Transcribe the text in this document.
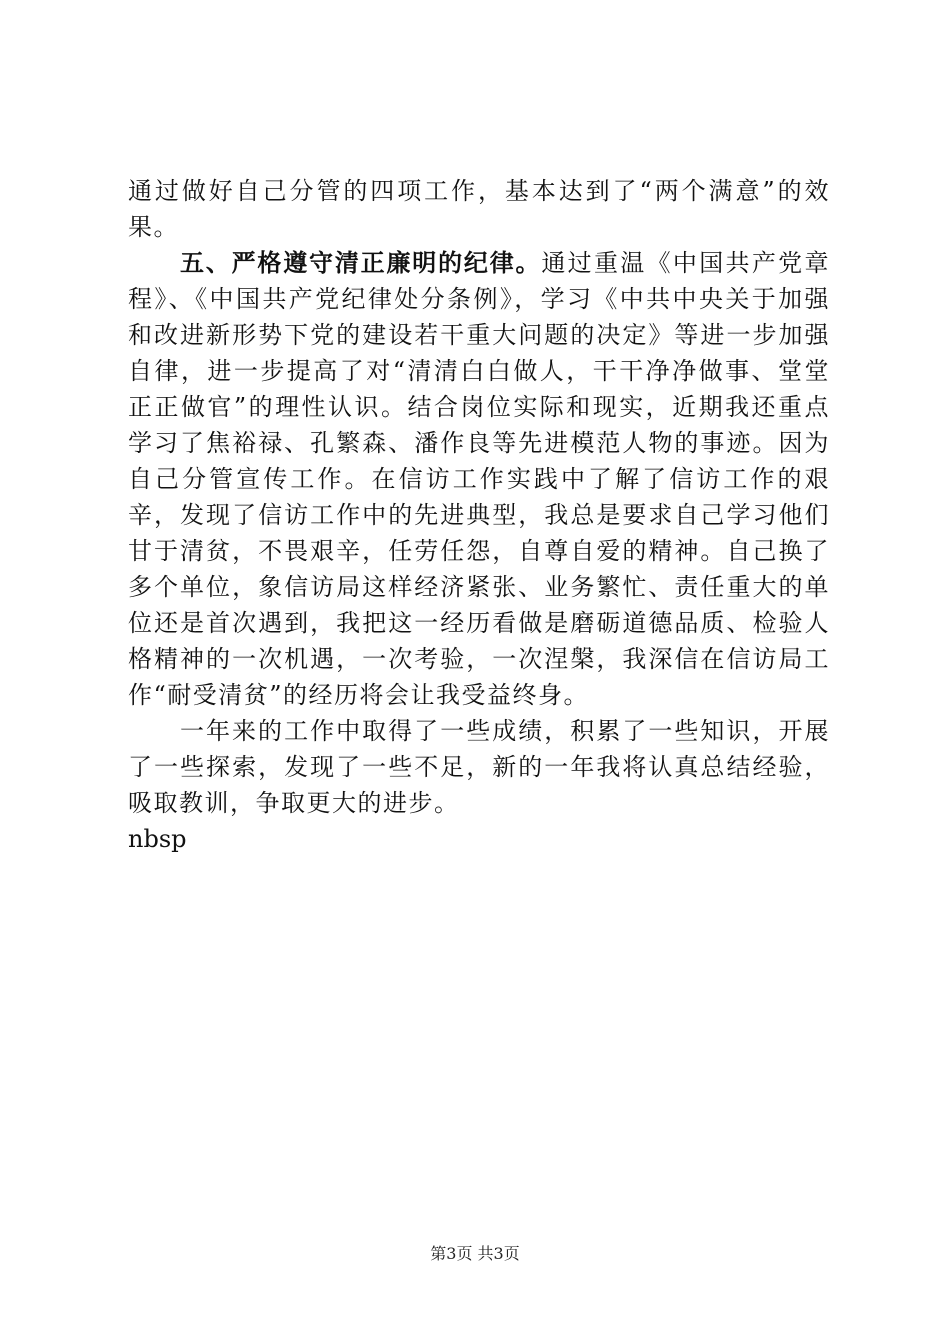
通过做好自己分管的四项工作，基本达到了“两个满意”的效果。

五、严格遵守清正廉明的纪律。通过重温《中国共产党章程》、《中国共产党纪律处分条例》，学习《中共中央关于加强和改进新形势下党的建设若干重大问题的决定》等进一步加强自律，进一步提高了对“清清白白做人，干干净净做事、堂堂正正做官”的理性认识。结合岗位实际和现实，近期我还重点学习了焦裕禄、孔繁森、潘作良等先进模范人物的事迹。因为自己分管宣传工作。在信访工作实践中了解了信访工作的艰辛，发现了信访工作中的先进典型，我总是要求自己学习他们甘于清贫，不畏艰辛，任劳任怨，自尊自爱的精神。自己换了多个单位，象信访局这样经济紧张、业务繁忙、责任重大的单位还是首次遇到，我把这一经历看做是磨砺道德品质、检验人格精神的一次机遇，一次考验，一次涅槃，我深信在信访局工作“耐受清贫”的经历将会让我受益终身。

一年来的工作中取得了一些成绩，积累了一些知识，开展了一些探索，发现了一些不足，新的一年我将认真总结经验，吸取教训，争取更大的进步。

nbsp

第3页 共3页
